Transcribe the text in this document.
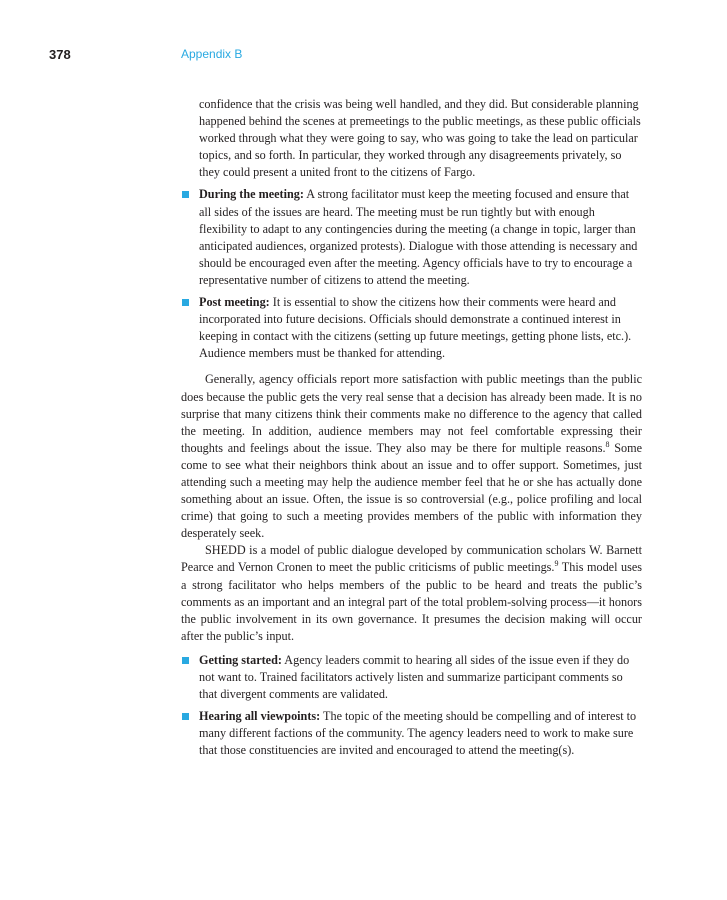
378	Appendix B

confidence that the crisis was being well handled, and they did. But considerable planning happened behind the scenes at premeetings to the public meetings, as these public officials worked through what they were going to say, who was going to take the lead on particular topics, and so forth. In particular, they worked through any disagreements privately, so they could present a united front to the citizens of Fargo.

During the meeting: A strong facilitator must keep the meeting focused and ensure that all sides of the issues are heard. The meeting must be run tightly but with enough flexibility to adapt to any contingencies during the meeting (a change in topic, larger than anticipated audiences, organized protests). Dialogue with those attending is necessary and should be encouraged even after the meeting. Agency officials have to try to encourage a representative number of citizens to attend the meeting.
Post meeting: It is essential to show the citizens how their comments were heard and incorporated into future decisions. Officials should demonstrate a continued interest in keeping in contact with the citizens (setting up future meetings, getting phone lists, etc.). Audience members must be thanked for attending.

Generally, agency officials report more satisfaction with public meetings than the public does because the public gets the very real sense that a decision has already been made. It is no surprise that many citizens think their comments make no difference to the agency that called the meeting. In addition, audience members may not feel comfortable expressing their thoughts and feelings about the issue. They also may be there for multiple reasons.$^8$ Some come to see what their neighbors think about an issue and to offer support. Sometimes, just attending such a meeting may help the audience member feel that he or she has actually done something about an issue. Often, the issue is so controversial (e.g., police profiling and local crime) that going to such a meeting provides members of the public with information they desperately seek.

SHEDD is a model of public dialogue developed by communication scholars W. Barnett Pearce and Vernon Cronen to meet the public criticisms of public meetings.$^9$ This model uses a strong facilitator who helps members of the public to be heard and treats the public’s comments as an important and an integral part of the total problem-solving process—it honors the public involvement in its own governance. It presumes the decision making will occur after the public’s input.

Getting started: Agency leaders commit to hearing all sides of the issue even if they do not want to. Trained facilitators actively listen and summarize participant comments so that divergent comments are validated.
Hearing all viewpoints: The topic of the meeting should be compelling and of interest to many different factions of the community. The agency leaders need to work to make sure that those constituencies are invited and encouraged to attend the meeting(s).
